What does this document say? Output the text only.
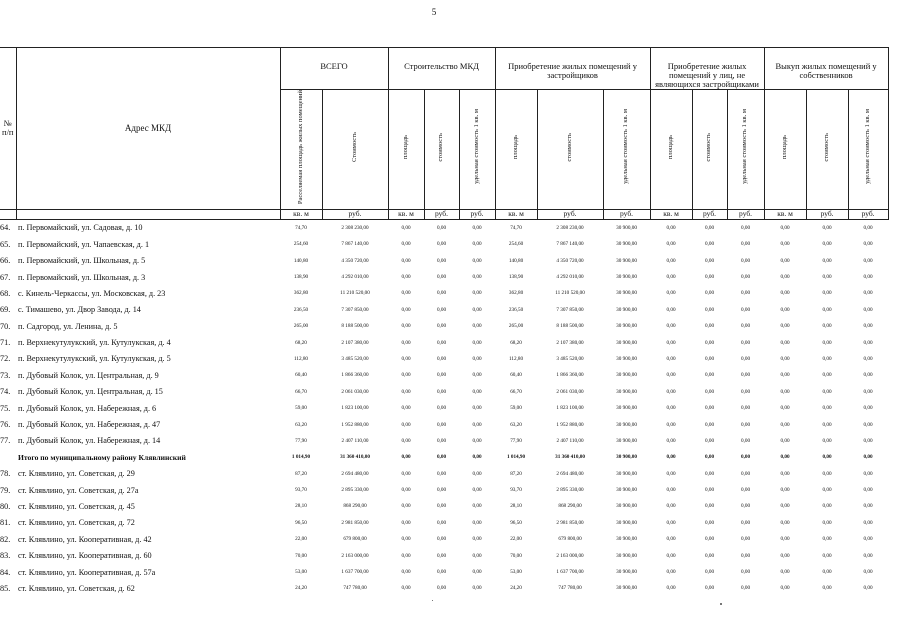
5
№ п/п	Адрес МКД	ВСЕГО		Строительство МКД			Приобретение жилых помещений у застройщиков			Приобретение жилых помещений у лиц, не являющихся застройщиками			Выкуп жилых помещений у собственников		
		Расселяемая площадь жилых помещений	Стоимость	площадь	стоимость	удельная стоимость 1 кв. м	площадь	стоимость	удельная стоимость 1 кв. м	площадь	стоимость	удельная стоимость 1 кв. м	площадь	стоимость	удельная стоимость 1 кв. м
		кв. м	руб.	кв. м	руб.	руб.	кв. м	руб.	руб.	кв. м	руб.	руб.	кв. м	руб.	руб.
64.	п. Первомайский, ул. Садовая, д. 10	74,70	2 308 230,00	0,00	0,00	0,00	74,70	2 308 230,00	30 900,00	0,00	0,00	0,00	0,00	0,00	0,00
65.	п. Первомайский, ул. Чапаевская, д. 1	254,60	7 867 140,00	0,00	0,00	0,00	254,60	7 867 140,00	30 900,00	0,00	0,00	0,00	0,00	0,00	0,00
66.	п. Первомайский, ул. Школьная, д. 5	140,80	4 350 720,00	0,00	0,00	0,00	140,80	4 350 720,00	30 900,00	0,00	0,00	0,00	0,00	0,00	0,00
67.	п. Первомайский, ул. Школьная, д. 3	138,90	4 292 010,00	0,00	0,00	0,00	138,90	4 292 010,00	30 900,00	0,00	0,00	0,00	0,00	0,00	0,00
68.	с. Кинель-Черкассы, ул. Московская, д. 23	362,80	11 210 520,00	0,00	0,00	0,00	362,80	11 210 520,00	30 900,00	0,00	0,00	0,00	0,00	0,00	0,00
69.	с. Тимашево, ул. Двор Завода, д. 14	236,50	7 307 850,00	0,00	0,00	0,00	236,50	7 307 850,00	30 900,00	0,00	0,00	0,00	0,00	0,00	0,00
70.	п. Садгород, ул. Ленина, д. 5	265,00	8 188 500,00	0,00	0,00	0,00	265,00	8 188 500,00	30 900,00	0,00	0,00	0,00	0,00	0,00	0,00
71.	п. Верхнекутулукский, ул. Кутулукская, д. 4	68,20	2 107 380,00	0,00	0,00	0,00	68,20	2 107 380,00	30 900,00	0,00	0,00	0,00	0,00	0,00	0,00
72.	п. Верхнекутулукский, ул. Кутулукская, д. 5	112,80	3 485 520,00	0,00	0,00	0,00	112,80	3 485 520,00	30 900,00	0,00	0,00	0,00	0,00	0,00	0,00
73.	п. Дубовый Колок, ул. Центральная, д. 9	60,40	1 866 360,00	0,00	0,00	0,00	60,40	1 866 360,00	30 900,00	0,00	0,00	0,00	0,00	0,00	0,00
74.	п. Дубовый Колок, ул. Центральная, д. 15	66,70	2 061 030,00	0,00	0,00	0,00	66,70	2 061 030,00	30 900,00	0,00	0,00	0,00	0,00	0,00	0,00
75.	п. Дубовый Колок, ул. Набережная, д. 6	59,00	1 823 100,00	0,00	0,00	0,00	59,00	1 823 100,00	30 900,00	0,00	0,00	0,00	0,00	0,00	0,00
76.	п. Дубовый Колок, ул. Набережная, д. 47	63,20	1 952 880,00	0,00	0,00	0,00	63,20	1 952 880,00	30 900,00	0,00	0,00	0,00	0,00	0,00	0,00
77.	п. Дубовый Колок, ул. Набережная, д. 14	77,90	2 407 110,00	0,00	0,00	0,00	77,90	2 407 110,00	30 900,00	0,00	0,00	0,00	0,00	0,00	0,00
	Итого по муниципальному району Клявлинский	1 014,90	31 360 410,00	0,00	0,00	0,00	1 014,90	31 360 410,00	30 900,00	0,00	0,00	0,00	0,00	0,00	0,00
78.	ст. Клявлино, ул. Советская, д. 29	87,20	2 694 480,00	0,00	0,00	0,00	87,20	2 694 480,00	30 900,00	0,00	0,00	0,00	0,00	0,00	0,00
79.	ст. Клявлино, ул. Советская, д. 27а	93,70	2 895 330,00	0,00	0,00	0,00	93,70	2 895 330,00	30 900,00	0,00	0,00	0,00	0,00	0,00	0,00
80.	ст. Клявлино, ул. Советская, д. 45	28,10	868 290,00	0,00	0,00	0,00	28,10	868 290,00	30 900,00	0,00	0,00	0,00	0,00	0,00	0,00
81.	ст. Клявлино, ул. Советская, д. 72	96,50	2 981 850,00	0,00	0,00	0,00	96,50	2 981 850,00	30 900,00	0,00	0,00	0,00	0,00	0,00	0,00
82.	ст. Клявлино, ул. Кооперативная, д. 42	22,00	679 800,00	0,00	0,00	0,00	22,00	679 800,00	30 900,00	0,00	0,00	0,00	0,00	0,00	0,00
83.	ст. Клявлино, ул. Кооперативная, д. 60	70,00	2 163 000,00	0,00	0,00	0,00	70,00	2 163 000,00	30 900,00	0,00	0,00	0,00	0,00	0,00	0,00
84.	ст. Клявлино, ул. Кооперативная, д. 57а	53,00	1 637 700,00	0,00	0,00	0,00	53,00	1 637 700,00	30 900,00	0,00	0,00	0,00	0,00	0,00	0,00
85.	ст. Клявлино, ул. Советская, д. 62	24,20	747 780,00	0,00	0,00	0,00	24,20	747 780,00	30 900,00	0,00	0,00	0,00	0,00	0,00	0,00
